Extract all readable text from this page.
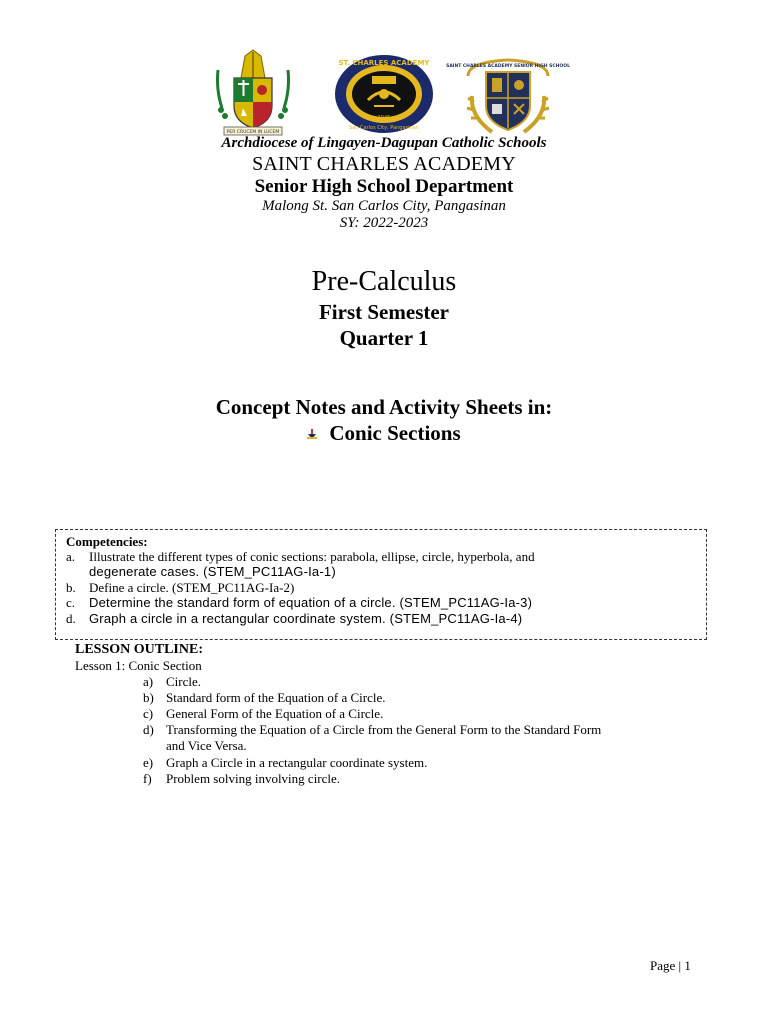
PER CRUCEM IN LUCEM
ST. CHARLES ACADEMY
San Carlos City, Pangasinan
1946
SAINT CHARLES ACADEMY SENIOR HIGH SCHOOL
Archdiocese of Lingayen-Dagupan Catholic Schools
SAINT CHARLES ACADEMY
Senior High School Department
Malong St. San Carlos City, Pangasinan
SY: 2022-2023
Pre-Calculus
First Semester
Quarter 1
Concept Notes and Activity Sheets in:
Conic Sections
Competencies:
a. Illustrate the different types of conic sections: parabola, ellipse, circle, hyperbola, and
degenerate cases. (STEM_PC11AG-Ia-1)
b. Define a circle. (STEM_PC11AG-Ia-2)
c. Determine the standard form of equation of a circle. (STEM_PC11AG-Ia-3)
d. Graph a circle in a rectangular coordinate system. (STEM_PC11AG-Ia-4)
LESSON OUTLINE:
Lesson 1: Conic Section
a) Circle.
b) Standard form of the Equation of a Circle.
c) General Form of the Equation of a Circle.
d) Transforming the Equation of a Circle from the General Form to the Standard Form
and Vice Versa.
e) Graph a Circle in a rectangular coordinate system.
f) Problem solving involving circle.
Page | 1
